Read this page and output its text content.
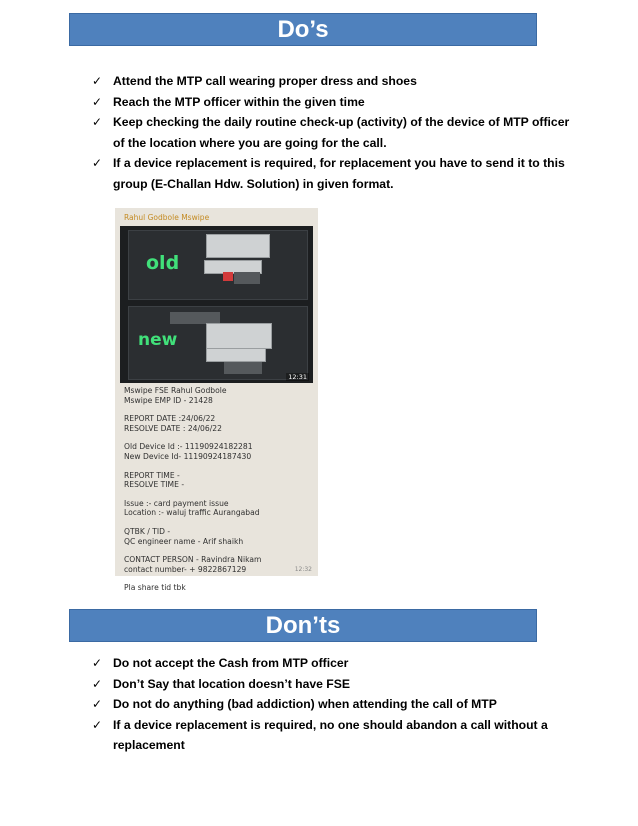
Do’s
✓ Attend the MTP call wearing proper dress and shoes
✓ Reach the MTP officer within the given time
✓ Keep checking the daily routine check-up (activity) of the device of MTP officer of the location where you are going for the call.
✓ If a device replacement is required, for replacement you have to send it to this group (E-Challan Hdw. Solution) in given format.
Rahul Godbole Mswipe
old
new
12:31
Mswipe FSE Rahul Godbole
Mswipe EMP ID - 21428
REPORT DATE :24/06/22
RESOLVE DATE : 24/06/22
Old Device Id :- 11190924182281
New Device Id- 11190924187430
REPORT TIME -
RESOLVE TIME -
Issue :- card payment issue
Location :- waluj traffic Aurangabad
QTBK / TID -
QC engineer name - Arif shaikh
CONTACT PERSON - Ravindra Nikam
contact number- + 9822867129
Pla share tid tbk
12:32
Don’ts
✓ Do not accept the Cash from MTP officer
✓ Don’t Say that location doesn’t have FSE
✓ Do not do anything (bad addiction) when attending the call of MTP
✓ If a device replacement is required, no one should abandon a call without a replacement
